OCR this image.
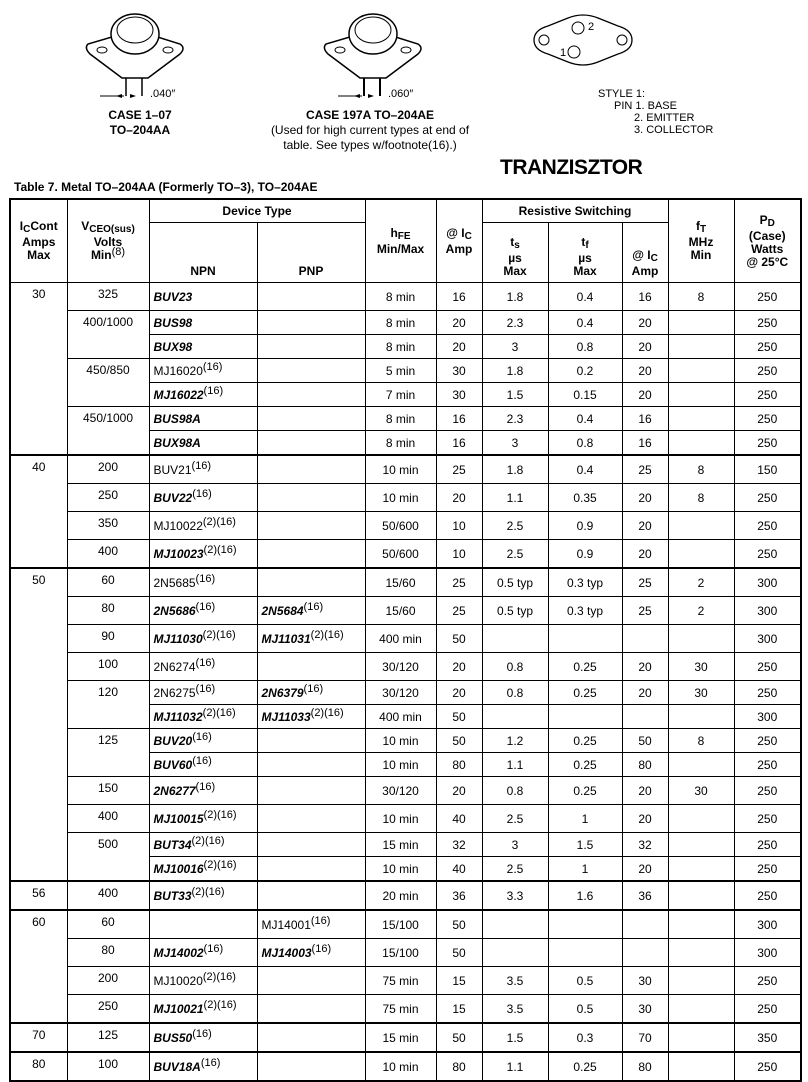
.040″
CASE 1–07
TO–204AA
.060″
CASE 197A TO–204AE
(Used for high current types at end of
table. See types w/footnote(16).)
2
1
STYLE 1:
PIN 1. BASE
2. EMITTER
3. COLLECTOR
TRANZISZTOR
Table 7. Metal TO–204AA (Formerly TO–3), TO–204AE
$I_CCont$
Amps
Max	$V_{CEO(sus)}$
Volts
Min$^{(8)}$	Device Type		$h_{FE}$
Min/Max	@ $I_C$
Amp	Resistive Switching			$f_T$
MHz
Min	$P_D$
(Case)
Watts
@ 25°C
		NPN	PNP			$t_s$
µs
Max	$t_f$
µs
Max	@ $I_C$
Amp		
30	325	BUV23		8 min	16	1.8	0.4	16	8	250
	400/1000	BUS98		8 min	20	2.3	0.4	20		250
		BUX98		8 min	20	3	0.8	20		250
	450/850	MJ16020$^{(16)}$		5 min	30	1.8	0.2	20		250
		MJ16022$^{(16)}$		7 min	30	1.5	0.15	20		250
	450/1000	BUS98A		8 min	16	2.3	0.4	16		250
		BUX98A		8 min	16	3	0.8	16		250
40	200	BUV21$^{(16)}$		10 min	25	1.8	0.4	25	8	150
	250	BUV22$^{(16)}$		10 min	20	1.1	0.35	20	8	250
	350	MJ10022$^{(2)(16)}$		50/600	10	2.5	0.9	20		250
	400	MJ10023$^{(2)(16)}$		50/600	10	2.5	0.9	20		250
50	60	2N5685$^{(16)}$		15/60	25	0.5 typ	0.3 typ	25	2	300
	80	2N5686$^{(16)}$	2N5684$^{(16)}$	15/60	25	0.5 typ	0.3 typ	25	2	300
	90	MJ11030$^{(2)(16)}$	MJ11031$^{(2)(16)}$	400 min	50					300
	100	2N6274$^{(16)}$		30/120	20	0.8	0.25	20	30	250
	120	2N6275$^{(16)}$	2N6379$^{(16)}$	30/120	20	0.8	0.25	20	30	250
		MJ11032$^{(2)(16)}$	MJ11033$^{(2)(16)}$	400 min	50					300
	125	BUV20$^{(16)}$		10 min	50	1.2	0.25	50	8	250
		BUV60$^{(16)}$		10 min	80	1.1	0.25	80		250
	150	2N6277$^{(16)}$		30/120	20	0.8	0.25	20	30	250
	400	MJ10015$^{(2)(16)}$		10 min	40	2.5	1	20		250
	500	BUT34$^{(2)(16)}$		15 min	32	3	1.5	32		250
		MJ10016$^{(2)(16)}$		10 min	40	2.5	1	20		250
56	400	BUT33$^{(2)(16)}$		20 min	36	3.3	1.6	36		250
60	60		MJ14001$^{(16)}$	15/100	50					300
	80	MJ14002$^{(16)}$	MJ14003$^{(16)}$	15/100	50					300
	200	MJ10020$^{(2)(16)}$		75 min	15	3.5	0.5	30		250
	250	MJ10021$^{(2)(16)}$		75 min	15	3.5	0.5	30		250
70	125	BUS50$^{(16)}$		15 min	50	1.5	0.3	70		350
80	100	BUV18A$^{(16)}$		10 min	80	1.1	0.25	80		250
